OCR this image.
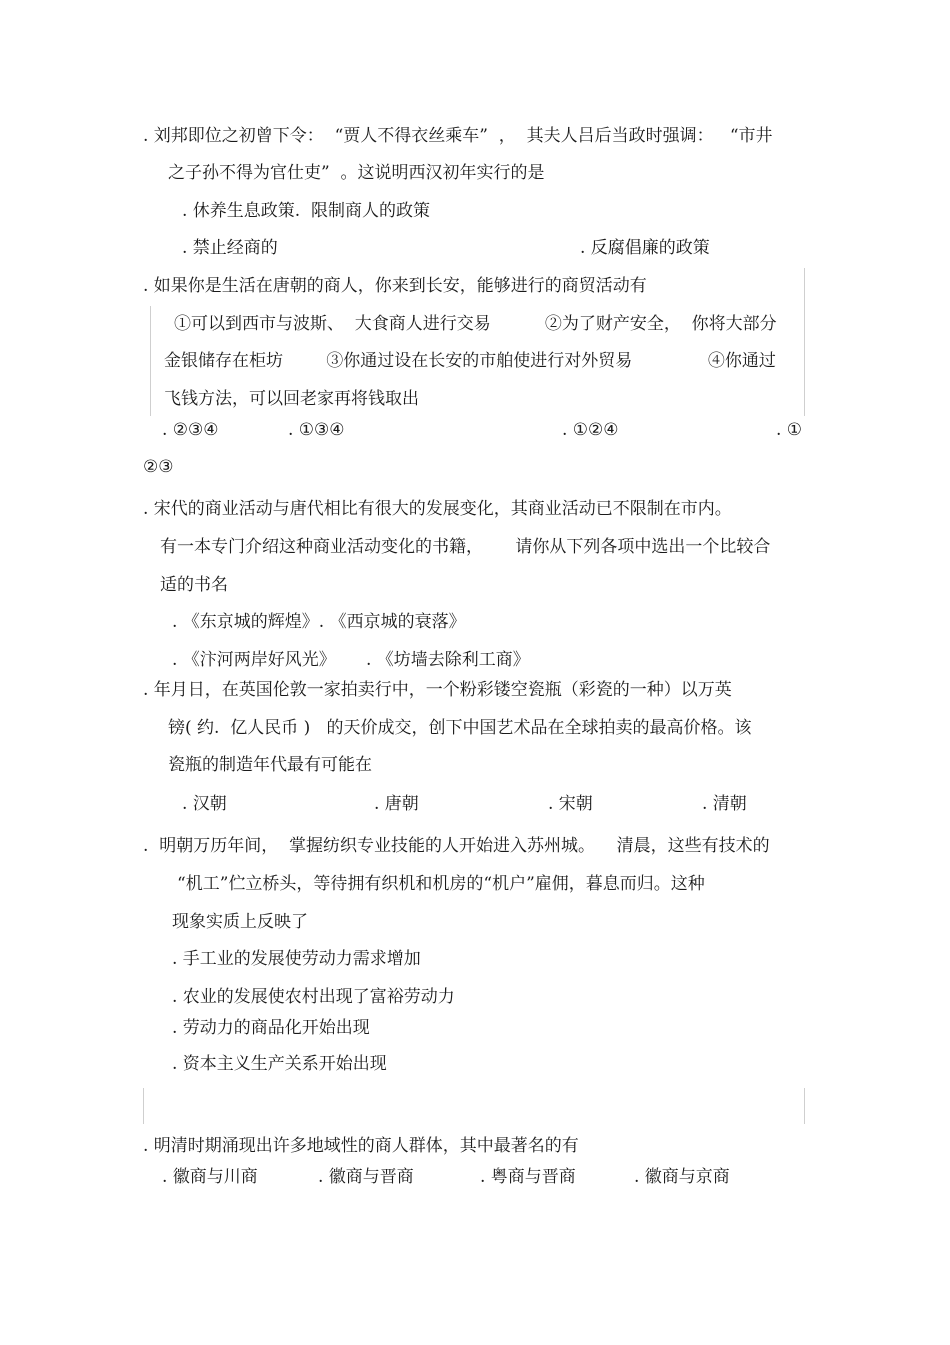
. 刘邦即位之初曾下令：  “贾人不得衣丝乘车”  ，  其夫人吕后当政时强调：   “市井
之子孙不得为官仕吏”  。这说明西汉初年实行的是
. 休养生息政策.  限制商人的政策
. 禁止经商的	. 反腐倡廉的政策
. 如果你是生活在唐朝的商人，你来到长安，能够进行的商贸活动有
①可以到西市与波斯、  大食商人进行交易          ②为了财产安全，  你将大部分
金银储存在柜坊        ③你通过设在长安的市舶使进行对外贸易              ④你通过
飞钱方法，可以回老家再将钱取出
. ②③④	. ①③④	. ①②④	. ①
②③
. 宋代的商业活动与唐代相比有很大的发展变化，其商业活动已不限制在市内。
有一本专门介绍这种商业活动变化的书籍，      请你从下列各项中选出一个比较合
适的书名
. 《东京城的辉煌》. 《西京城的衰落》
. 《汴河两岸好风光》 . 《坊墙去除利工商》
. 年月日，在英国伦敦一家拍卖行中，一个粉彩镂空瓷瓶（彩瓷的一种）以万英
镑( 约.  亿人民币 )   的天价成交，创下中国艺术品在全球拍卖的最高价格。该
瓷瓶的制造年代最有可能在
. 汉朝	. 唐朝	. 宋朝	. 清朝
.  明朝万历年间，  掌握纺织专业技能的人开始进入苏州城。    清晨，这些有技术的
“机工”伫立桥头，等待拥有织机和机房的“机户”雇佣，暮息而归。这种
现象实质上反映了
. 手工业的发展使劳动力需求增加
. 农业的发展使农村出现了富裕劳动力
. 劳动力的商品化开始出现
. 资本主义生产关系开始出现
. 明清时期涌现出许多地域性的商人群体，其中最著名的有
. 徽商与川商	. 徽商与晋商	. 粤商与晋商	. 徽商与京商
